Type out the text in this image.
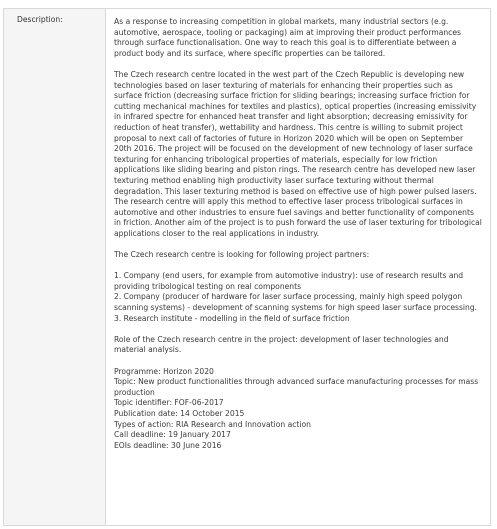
Description:	As a response to increasing competition in global markets, many industrial sectors (e.g. automotive, aerospace, tooling or packaging) aim at improving their product performances through surface functionalisation. One way to reach this goal is to differentiate between a product body and its surface, where specific properties can be tailored.

The Czech research centre located in the west part of the Czech Republic is developing new technologies based on laser texturing of materials for enhancing their properties such as surface friction (decreasing surface friction for sliding bearings; increasing surface friction for cutting mechanical machines for textiles and plastics), optical properties (increasing emissivity in infrared spectre for enhanced heat transfer and light absorption; decreasing emissivity for reduction of heat transfer), wettability and hardness. This centre is willing to submit project proposal to next call of factories of future in Horizon 2020 which will be open on September 20th 2016. The project will be focused on the development of new technology of laser surface texturing for enhancing tribological properties of materials, especially for low friction applications like sliding bearing and piston rings. The research centre has developed new laser texturing method enabling high productivity laser surface texturing without thermal degradation. This laser texturing method is based on effective use of high power pulsed lasers. The research centre will apply this method to effective laser process tribological surfaces in automotive and other industries to ensure fuel savings and better functionality of components in friction. Another aim of the project is to push forward the use of laser texturing for tribological applications closer to the real applications in industry.

The Czech research centre is looking for following project partners:

1. Company (end users, for example from automotive industry): use of research results and providing tribological testing on real components
2. Company (producer of hardware for laser surface processing, mainly high speed polygon scanning systems) - development of scanning systems for high speed laser surface processing.
3. Research institute - modelling in the field of surface friction

Role of the Czech research centre in the project: development of laser technologies and material analysis.

Programme: Horizon 2020
Topic: New product functionalities through advanced surface manufacturing processes for mass production
Topic identifier: FOF-06-2017
Publication date: 14 October 2015
Types of action: RIA Research and Innovation action
Call deadline: 19 January 2017
EOIs deadline: 30 June 2016
